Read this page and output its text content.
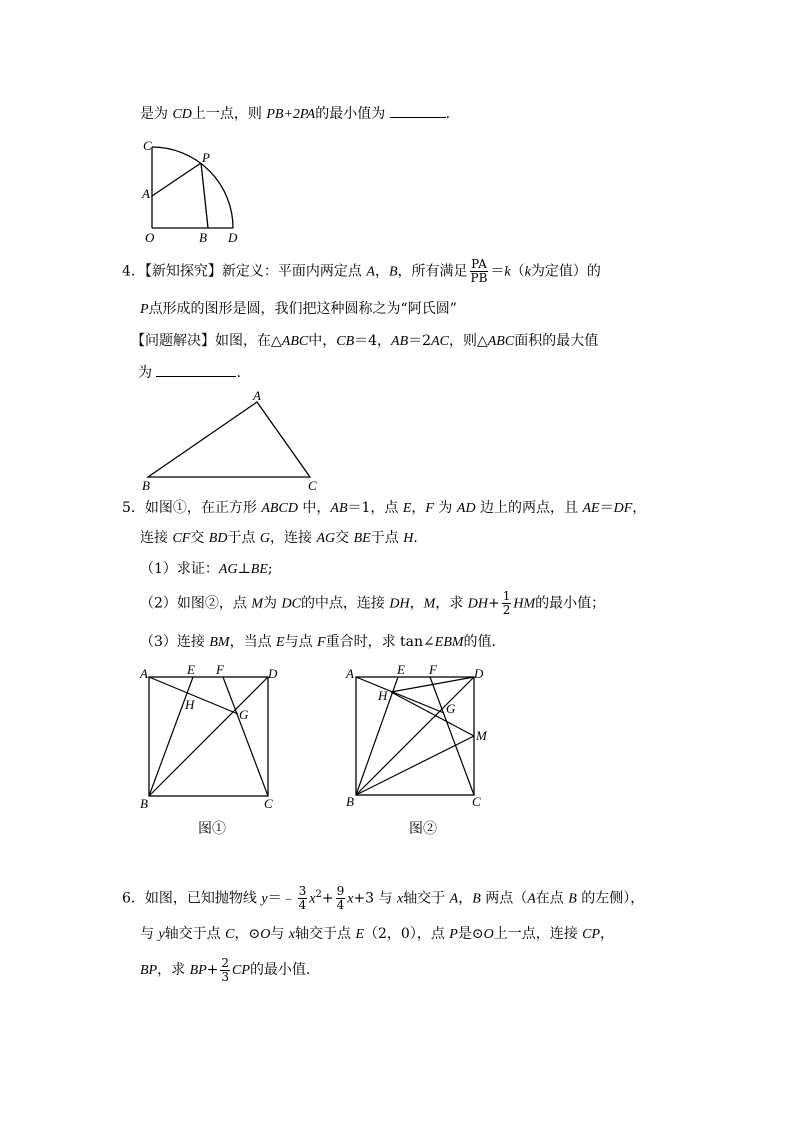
是为 CD上一点，则 PB+2PA的最小值为	.
C
P
A
O	B D
4．【新知探究】新定义：平面内两定点 A，B，所有满足 $\frac{PA}{PB} =k(k$为定值）的
P点形成的图形是圆，我们把这种圆称之为“阿氏圆”
【问题解决】如图，在△ABC中，CB＝4，AB＝2AC，则△ABC面积的最大值
为	.
A
B	C
5．如图①，在正方形 ABCD 中，AB＝1，点 E，F 为 AD 边上的两点，且 AE＝DF，
连接 CF交 BD于点 G，连接 AG交 BE于点 H.
（1）求证：AG⊥BE;
（2）如图②，点 M为 DC的中点，连接 DH，M，求 $DH+ \frac{1}{2}$ HM的最小值；
（3）连接 BM，当点 E与点 F重合时，求 tan∠EBM的值.
A	E F	D
H
G
B	C
图①
A	E F	D
H
G
M
B	C
图②
6．如图，已知抛物线 y＝﹣ $\frac{3}{4} x^2+ \frac{9}{4} x+3$ 与 x轴交于 A，B 两点（A在点 B 的左侧），
与 y轴交于点 C，⊙O与 x轴交于点 E（2，0），点 P是⊙O上一点，连接 CP，
BP，求 $BP+ \frac{2}{3}$ CP的最小值.
